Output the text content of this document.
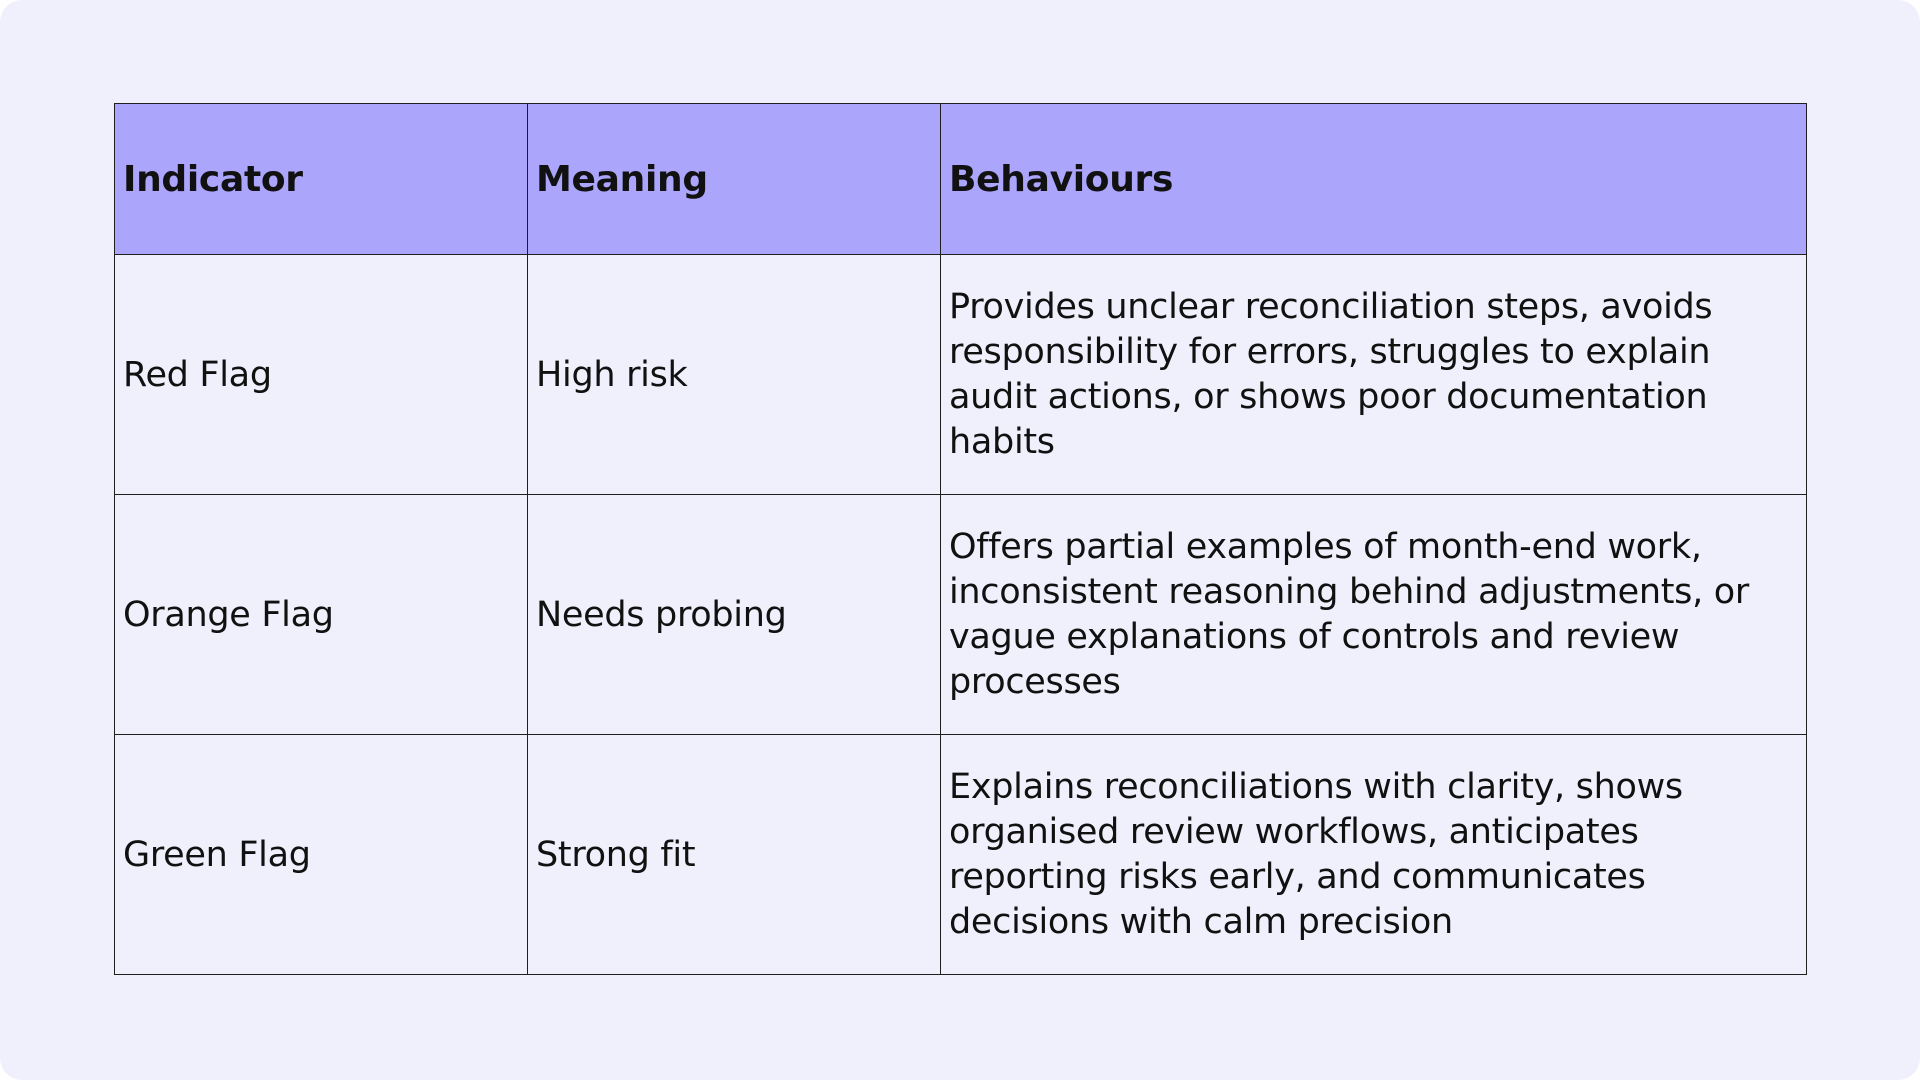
Indicator	Meaning	Behaviours
Red Flag	High risk	Provides unclear reconciliation steps, avoids responsibility for errors, struggles to explain audit actions, or shows poor documentation habits
Orange Flag	Needs probing	Offers partial examples of month-end work, inconsistent reasoning behind adjustments, or vague explanations of controls and review processes
Green Flag	Strong fit	Explains reconciliations with clarity, shows organised review workflows, anticipates reporting risks early, and communicates decisions with calm precision
